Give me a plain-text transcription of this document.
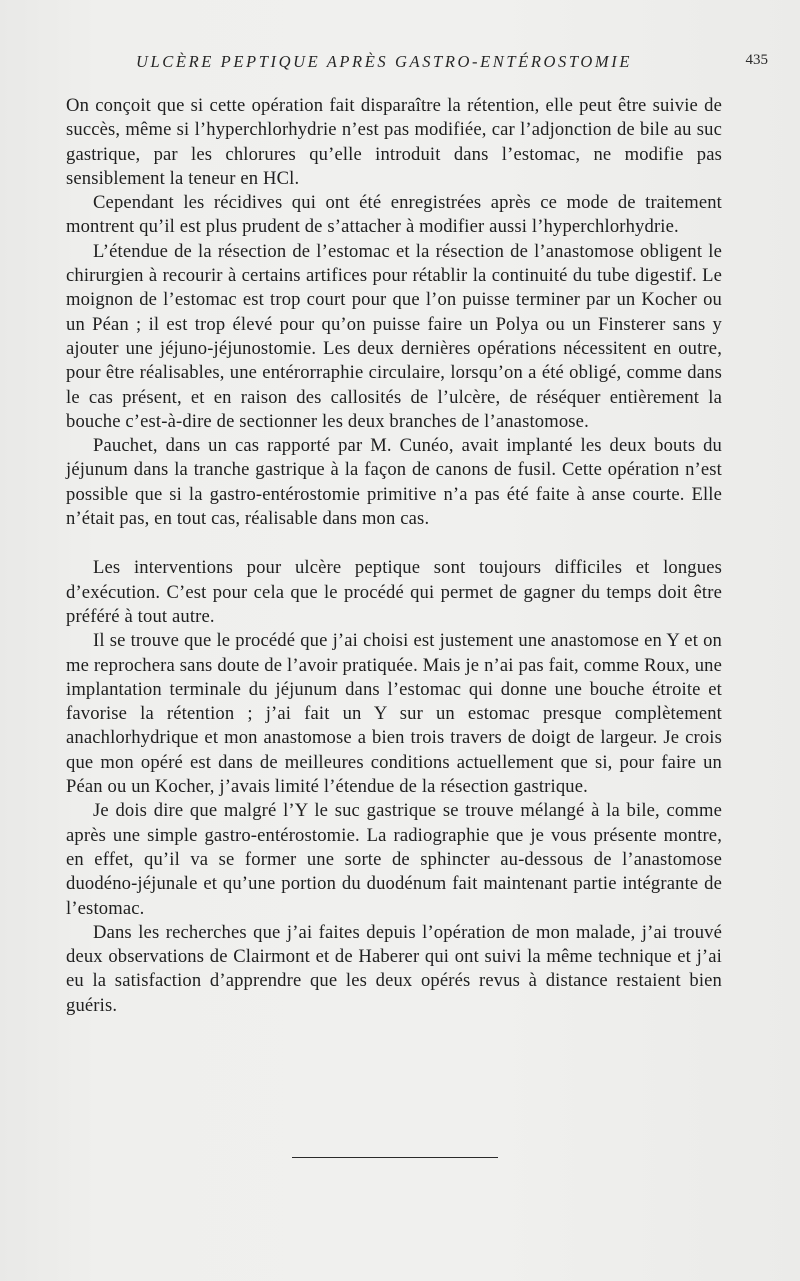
ULCÈRE PEPTIQUE APRÈS GASTRO-ENTÉROSTOMIE	435

On conçoit que si cette opération fait disparaître la rétention, elle peut être suivie de succès, même si l’hyperchlorhydrie n’est pas modifiée, car l’adjonction de bile au suc gastrique, par les chlorures qu’elle introduit dans l’estomac, ne modifie pas sensiblement la teneur en HCl.

Cependant les récidives qui ont été enregistrées après ce mode de traitement montrent qu’il est plus prudent de s’attacher à modifier aussi l’hyperchlorhydrie.

L’étendue de la résection de l’estomac et la résection de l’anastomose obligent le chirurgien à recourir à certains artifices pour rétablir la continuité du tube digestif. Le moignon de l’estomac est trop court pour que l’on puisse terminer par un Kocher ou un Péan ; il est trop élevé pour qu’on puisse faire un Polya ou un Finsterer sans y ajouter une jéjuno-jéjunostomie. Les deux dernières opérations nécessitent en outre, pour être réalisables, une entérorraphie circulaire, lorsqu’on a été obligé, comme dans le cas présent, et en raison des callosités de l’ulcère, de réséquer entièrement la bouche c’est-à-dire de sectionner les deux branches de l’anastomose.

Pauchet, dans un cas rapporté par M. Cunéo, avait implanté les deux bouts du jéjunum dans la tranche gastrique à la façon de canons de fusil. Cette opération n’est possible que si la gastro-entérostomie primitive n’a pas été faite à anse courte. Elle n’était pas, en tout cas, réalisable dans mon cas.

Les interventions pour ulcère peptique sont toujours difficiles et longues d’exécution. C’est pour cela que le procédé qui permet de gagner du temps doit être préféré à tout autre.

Il se trouve que le procédé que j’ai choisi est justement une anastomose en Y et on me reprochera sans doute de l’avoir pratiquée. Mais je n’ai pas fait, comme Roux, une implantation terminale du jéjunum dans l’estomac qui donne une bouche étroite et favorise la rétention ; j’ai fait un Y sur un estomac presque complètement anachlorhydrique et mon anastomose a bien trois travers de doigt de largeur. Je crois que mon opéré est dans de meilleures conditions actuellement que si, pour faire un Péan ou un Kocher, j’avais limité l’étendue de la résection gastrique.

Je dois dire que malgré l’Y le suc gastrique se trouve mélangé à la bile, comme après une simple gastro-entérostomie. La radiographie que je vous présente montre, en effet, qu’il va se former une sorte de sphincter au-dessous de l’anastomose duodéno-jéjunale et qu’une portion du duodénum fait maintenant partie intégrante de l’estomac.

Dans les recherches que j’ai faites depuis l’opération de mon malade, j’ai trouvé deux observations de Clairmont et de Haberer qui ont suivi la même technique et j’ai eu la satisfaction d’apprendre que les deux opérés revus à distance restaient bien guéris.
